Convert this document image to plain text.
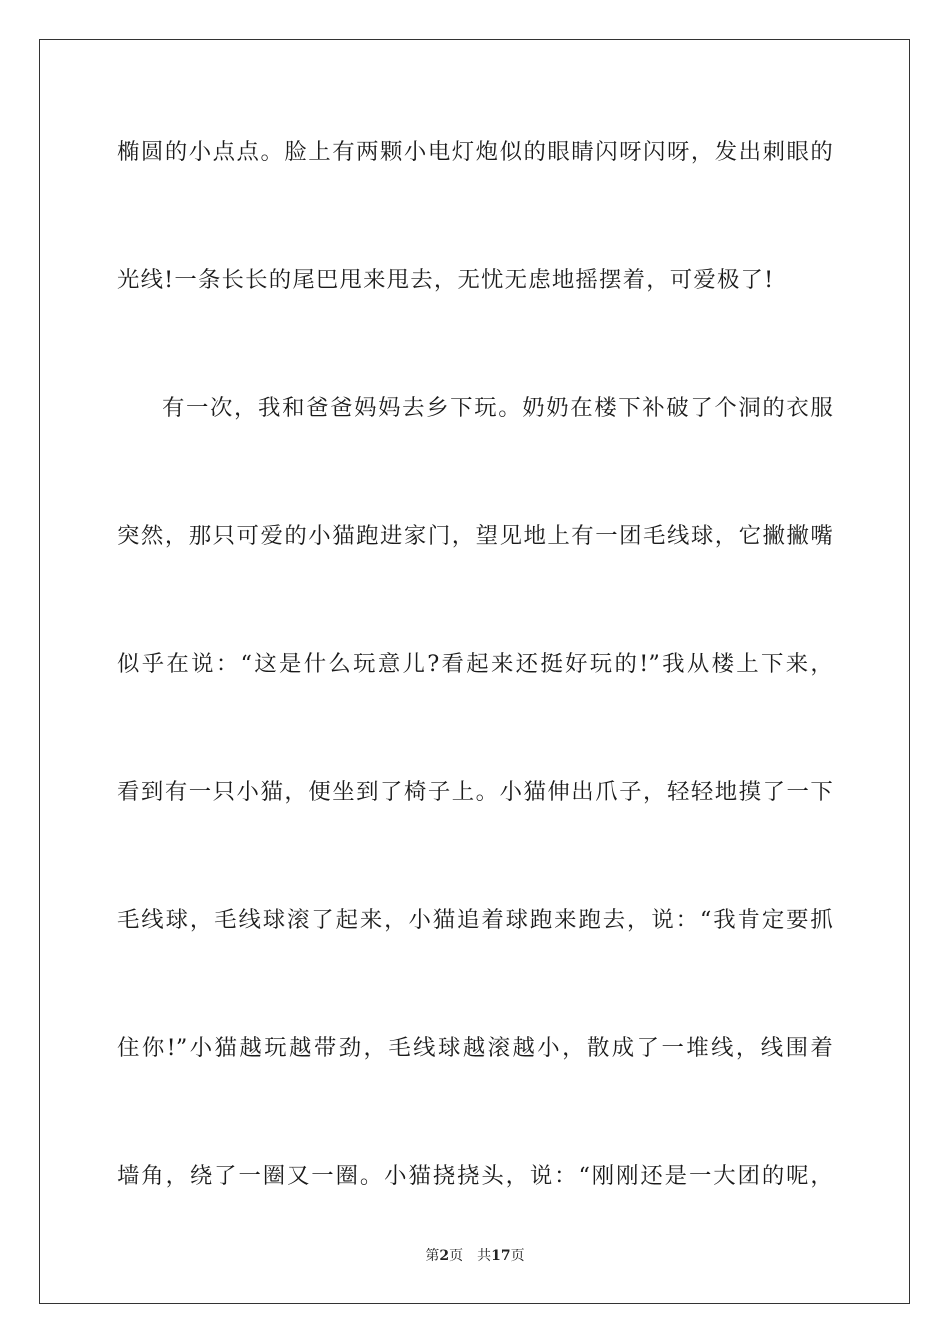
椭圆的小点点。脸上有两颗小电灯炮似的眼睛闪呀闪呀，发出刺眼的
光线!一条长长的尾巴甩来甩去，无忧无虑地摇摆着，可爱极了!
有一次，我和爸爸妈妈去乡下玩。奶奶在楼下补破了个洞的衣服
突然，那只可爱的小猫跑进家门，望见地上有一团毛线球，它撇撇嘴
似乎在说：“这是什么玩意儿?看起来还挺好玩的!”我从楼上下来，
看到有一只小猫，便坐到了椅子上。小猫伸出爪子，轻轻地摸了一下
毛线球，毛线球滚了起来，小猫追着球跑来跑去，说：“我肯定要抓
住你!”小猫越玩越带劲，毛线球越滚越小，散成了一堆线，线围着
墙角，绕了一圈又一圈。小猫挠挠头，说：“刚刚还是一大团的呢，
第2页 共17页
